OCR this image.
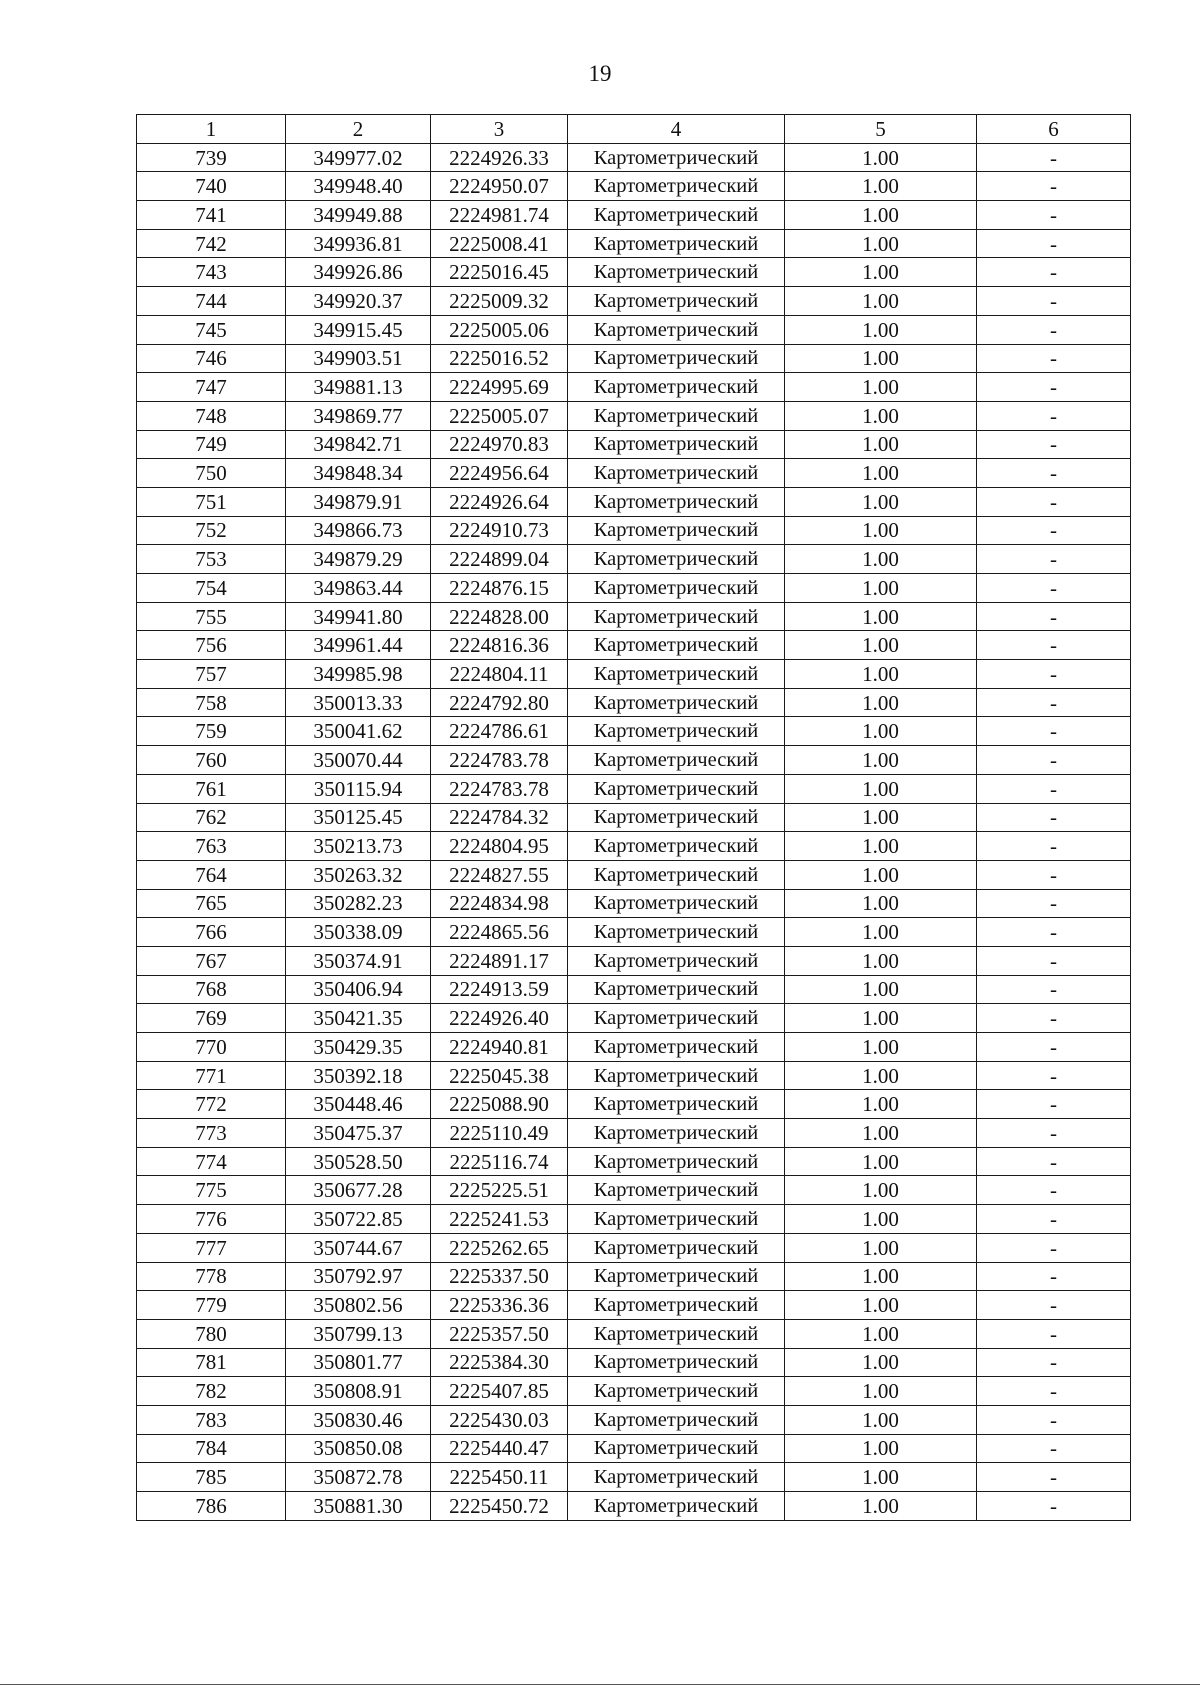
19
1	2	3	4	5	6
739	349977.02	2224926.33	Картометрический	1.00	-
740	349948.40	2224950.07	Картометрический	1.00	-
741	349949.88	2224981.74	Картометрический	1.00	-
742	349936.81	2225008.41	Картометрический	1.00	-
743	349926.86	2225016.45	Картометрический	1.00	-
744	349920.37	2225009.32	Картометрический	1.00	-
745	349915.45	2225005.06	Картометрический	1.00	-
746	349903.51	2225016.52	Картометрический	1.00	-
747	349881.13	2224995.69	Картометрический	1.00	-
748	349869.77	2225005.07	Картометрический	1.00	-
749	349842.71	2224970.83	Картометрический	1.00	-
750	349848.34	2224956.64	Картометрический	1.00	-
751	349879.91	2224926.64	Картометрический	1.00	-
752	349866.73	2224910.73	Картометрический	1.00	-
753	349879.29	2224899.04	Картометрический	1.00	-
754	349863.44	2224876.15	Картометрический	1.00	-
755	349941.80	2224828.00	Картометрический	1.00	-
756	349961.44	2224816.36	Картометрический	1.00	-
757	349985.98	2224804.11	Картометрический	1.00	-
758	350013.33	2224792.80	Картометрический	1.00	-
759	350041.62	2224786.61	Картометрический	1.00	-
760	350070.44	2224783.78	Картометрический	1.00	-
761	350115.94	2224783.78	Картометрический	1.00	-
762	350125.45	2224784.32	Картометрический	1.00	-
763	350213.73	2224804.95	Картометрический	1.00	-
764	350263.32	2224827.55	Картометрический	1.00	-
765	350282.23	2224834.98	Картометрический	1.00	-
766	350338.09	2224865.56	Картометрический	1.00	-
767	350374.91	2224891.17	Картометрический	1.00	-
768	350406.94	2224913.59	Картометрический	1.00	-
769	350421.35	2224926.40	Картометрический	1.00	-
770	350429.35	2224940.81	Картометрический	1.00	-
771	350392.18	2225045.38	Картометрический	1.00	-
772	350448.46	2225088.90	Картометрический	1.00	-
773	350475.37	2225110.49	Картометрический	1.00	-
774	350528.50	2225116.74	Картометрический	1.00	-
775	350677.28	2225225.51	Картометрический	1.00	-
776	350722.85	2225241.53	Картометрический	1.00	-
777	350744.67	2225262.65	Картометрический	1.00	-
778	350792.97	2225337.50	Картометрический	1.00	-
779	350802.56	2225336.36	Картометрический	1.00	-
780	350799.13	2225357.50	Картометрический	1.00	-
781	350801.77	2225384.30	Картометрический	1.00	-
782	350808.91	2225407.85	Картометрический	1.00	-
783	350830.46	2225430.03	Картометрический	1.00	-
784	350850.08	2225440.47	Картометрический	1.00	-
785	350872.78	2225450.11	Картометрический	1.00	-
786	350881.30	2225450.72	Картометрический	1.00	-
